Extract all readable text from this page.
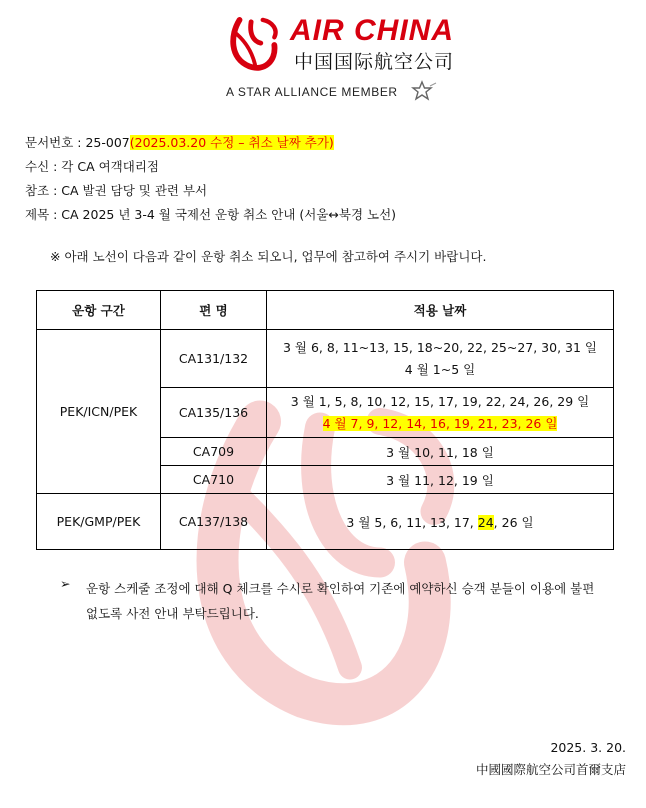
AIR CHINA
中国国际航空公司
A STAR ALLIANCE MEMBER
문서번호 : 25-007(2025.03.20 수정 – 취소 날짜 추가)
수신 : 각 CA 여객대리점
참조 : CA 발권 담당 및 관련 부서
제목 : CA 2025 년 3-4 월 국제선 운항 취소 안내 (서울↔북경 노선)
※ 아래 노선이 다음과 같이 운항 취소 되오니, 업무에 참고하여 주시기 바랍니다.
운항 구간	편 명	적용 날짜
PEK/ICN/PEK	CA131/132	3 월 6, 8, 11~13, 15, 18~20, 22, 25~27, 30, 31 일
4 월 1~5 일

	CA135/136	3 월 1, 5, 8, 10, 12, 15, 17, 19, 22, 24, 26, 29 일
4 월 7, 9, 12, 14, 16, 19, 21, 23, 26 일

	CA709	3 월 10, 11, 18 일
	CA710	3 월 11, 12, 19 일
PEK/GMP/PEK	CA137/138	3 월 5, 6, 11, 13, 17, 24, 26 일
➢ 운항 스케줄 조정에 대해 Q 체크를 수시로 확인하여 기존에 예약하신 승객 분들이 이용에 불편 없도록 사전 안내 부탁드립니다.
2025. 3. 20.
中國國際航空公司首爾支店
